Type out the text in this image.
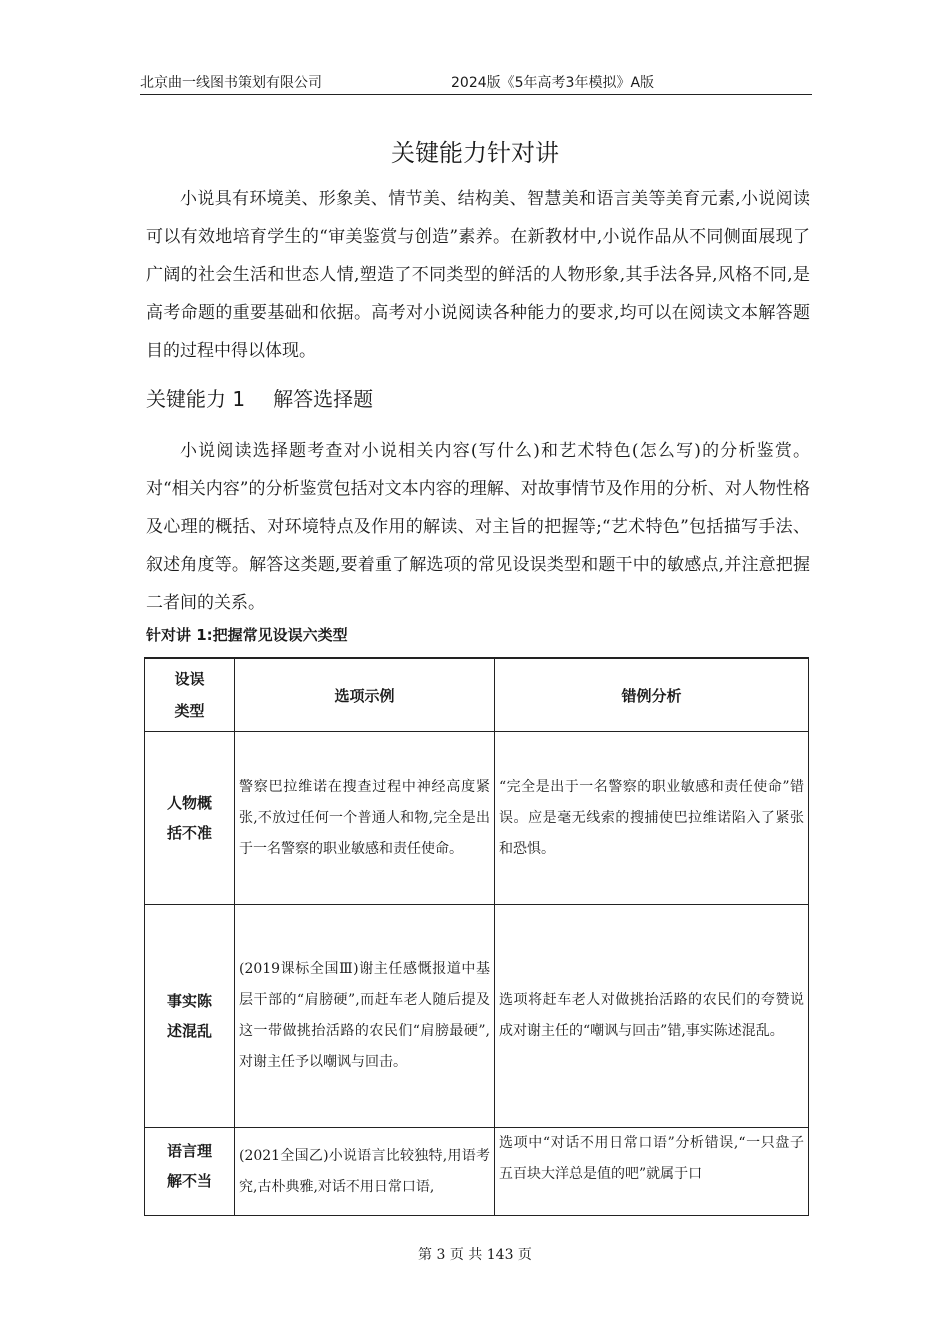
北京曲一线图书策划有限公司	2024版《5年高考3年模拟》A版
关键能力针对讲

小说具有环境美、形象美、情节美、结构美、智慧美和语言美等美育元素,小说阅读可以有效地培育学生的“审美鉴赏与创造”素养。在新教材中,小说作品从不同侧面展现了广阔的社会生活和世态人情,塑造了不同类型的鲜活的人物形象,其手法各异,风格不同,是高考命题的重要基础和依据。高考对小说阅读各种能力的要求,均可以在阅读文本解答题目的过程中得以体现。

关键能力 1 解答选择题

小说阅读选择题考查对小说相关内容(写什么)和艺术特色(怎么写)的分析鉴赏。对“相关内容”的分析鉴赏包括对文本内容的理解、对故事情节及作用的分析、对人物性格及心理的概括、对环境特点及作用的解读、对主旨的把握等;“艺术特色”包括描写手法、叙述角度等。解答这类题,要着重了解选项的常见设误类型和题干中的敏感点,并注意把握二者间的关系。

针对讲 1:把握常见设误六类型
设误
类型	选项示例	错例分析
人物概
括不准	警察巴拉维诺在搜查过程中神经高度紧张,不放过任何一个普通人和物,完全是出于一名警察的职业敏感和责任使命。	“完全是出于一名警察的职业敏感和责任使命”错误。应是毫无线索的搜捕使巴拉维诺陷入了紧张和恐惧。
事实陈
述混乱	(2019课标全国Ⅲ)谢主任感慨报道中基层干部的“肩膀硬”,而赶车老人随后提及这一带做挑抬活路的农民们“肩膀最硬”,对谢主任予以嘲讽与回击。	选项将赶车老人对做挑抬活路的农民们的夸赞说成对谢主任的“嘲讽与回击”错,事实陈述混乱。
语言理
解不当	(2021全国乙)小说语言比较独特,用语考究,古朴典雅,对话不用日常口语,	选项中“对话不用日常口语”分析错误,“一只盘子五百块大洋总是值的吧”就属于口
第 3 页 共 143 页
